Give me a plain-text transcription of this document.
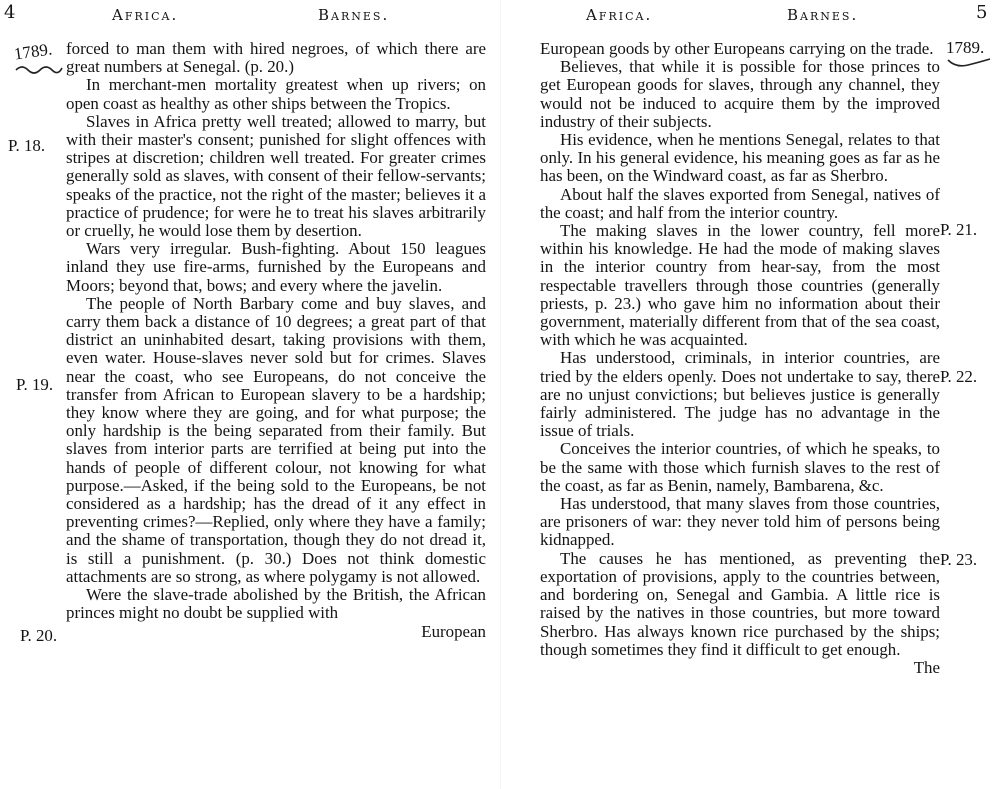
4	Africa.	Barnes.
1789.
P. 18.
P. 19.
P. 20.

forced to man them with hired negroes, of which there are great numbers at Senegal. (p. 20.)

In merchant-men mortality greatest when up rivers; on open coast as healthy as other ships between the Tropics.

Slaves in Africa pretty well treated; allowed to marry, but with their master's consent; punished for slight offences with stripes at discretion; children well treated. For greater crimes generally sold as slaves, with consent of their fellow-servants; speaks of the practice, not the right of the master; believes it a practice of prudence; for were he to treat his slaves arbitrarily or cruelly, he would lose them by desertion.

Wars very irregular. Bush-fighting. About 150 leagues inland they use fire-arms, furnished by the Europeans and Moors; beyond that, bows; and every where the javelin.

The people of North Barbary come and buy slaves, and carry them back a distance of 10 degrees; a great part of that district an uninhabited desart, taking provisions with them, even water. House-slaves never sold but for crimes. Slaves near the coast, who see Europeans, do not conceive the transfer from African to European slavery to be a hardship; they know where they are going, and for what purpose; the only hardship is the being separated from their family. But slaves from interior parts are terrified at being put into the hands of people of different colour, not knowing for what purpose.—Asked, if the being sold to the Europeans, be not considered as a hardship; has the dread of it any effect in preventing crimes?—Replied, only where they have a family; and the shame of transportation, though they do not dread it, is still a punishment. (p. 30.) Does not think domestic attachments are so strong, as where polygamy is not allowed.

Were the slave-trade abolished by the British, the African princes might no doubt be supplied with

European

Africa.	Barnes.	5
1789.
P. 21.
P. 22.
P. 23.

European goods by other Europeans carrying on the trade.

Believes, that while it is possible for those princes to get European goods for slaves, through any channel, they would not be induced to acquire them by the improved industry of their subjects.

His evidence, when he mentions Senegal, relates to that only. In his general evidence, his meaning goes as far as he has been, on the Windward coast, as far as Sherbro.

About half the slaves exported from Senegal, natives of the coast; and half from the interior country.

The making slaves in the lower country, fell more within his knowledge. He had the mode of making slaves in the interior country from hear-say, from the most respectable travellers through those countries (generally priests, p. 23.) who gave him no information about their government, materially different from that of the sea coast, with which he was acquainted.

Has understood, criminals, in interior countries, are tried by the elders openly. Does not undertake to say, there are no unjust convictions; but believes justice is generally fairly administered. The judge has no advantage in the issue of trials.

Conceives the interior countries, of which he speaks, to be the same with those which furnish slaves to the rest of the coast, as far as Benin, namely, Bambarena, &c.

Has understood, that many slaves from those countries, are prisoners of war: they never told him of persons being kidnapped.

The causes he has mentioned, as preventing the exportation of provisions, apply to the countries between, and bordering on, Senegal and Gambia. A little rice is raised by the natives in those countries, but more toward Sherbro. Has always known rice purchased by the ships; though sometimes they find it difficult to get enough.

The
